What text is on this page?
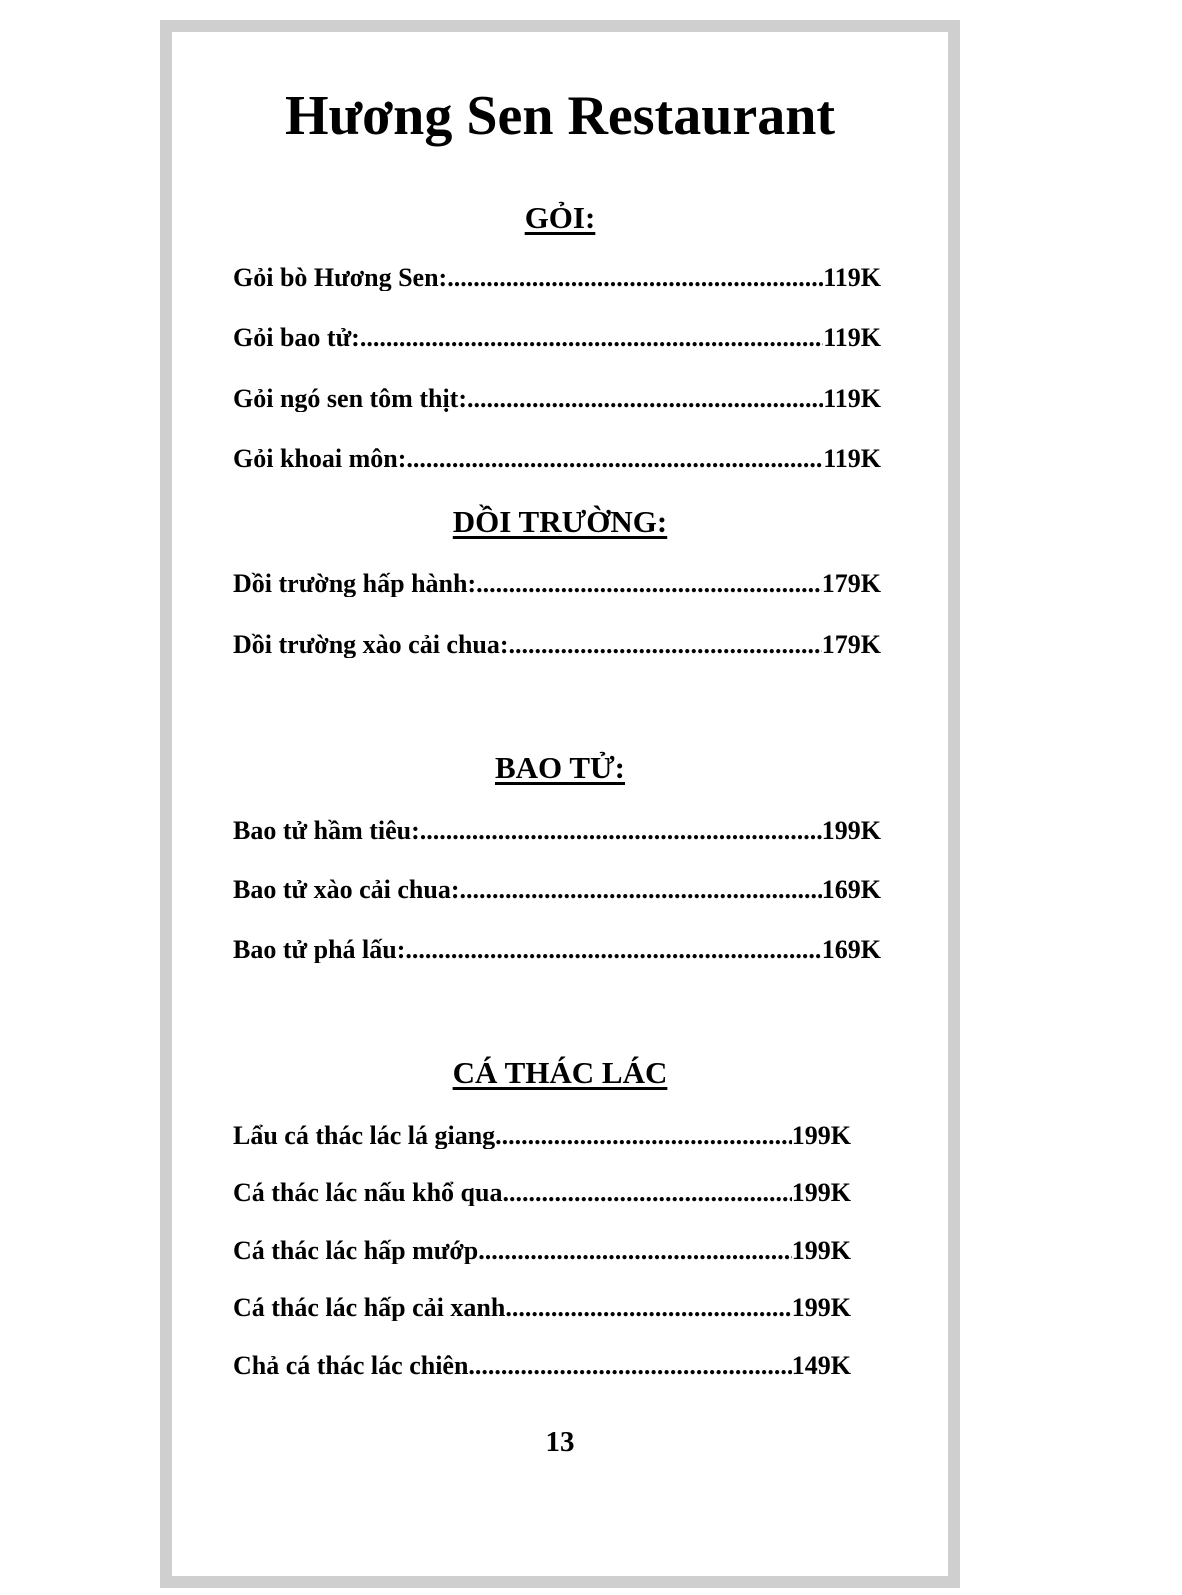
Hương Sen Restaurant
GỎI:
Gỏi bò Hương Sen: .....	119K
Gỏi bao tử: .....	119K
Gỏi ngó sen tôm thịt: .....	119K
Gỏi khoai môn: .....	119K
DỒI TRƯỜNG:
Dồi trường hấp hành: .....	179K
Dồi trường xào cải chua: .....	179K
BAO TỬ:
Bao tử hầm tiêu: .....	199K
Bao tử xào cải chua: .....	169K
Bao tử phá lấu: .....	169K
CÁ THÁC LÁC
Lẩu cá thác lác lá giang .....	199K
Cá thác lác nấu khổ qua .....	199K
Cá thác lác hấp mướp .....	199K
Cá thác lác hấp cải xanh .....	199K
Chả cá thác lác chiên .....	149K
13
